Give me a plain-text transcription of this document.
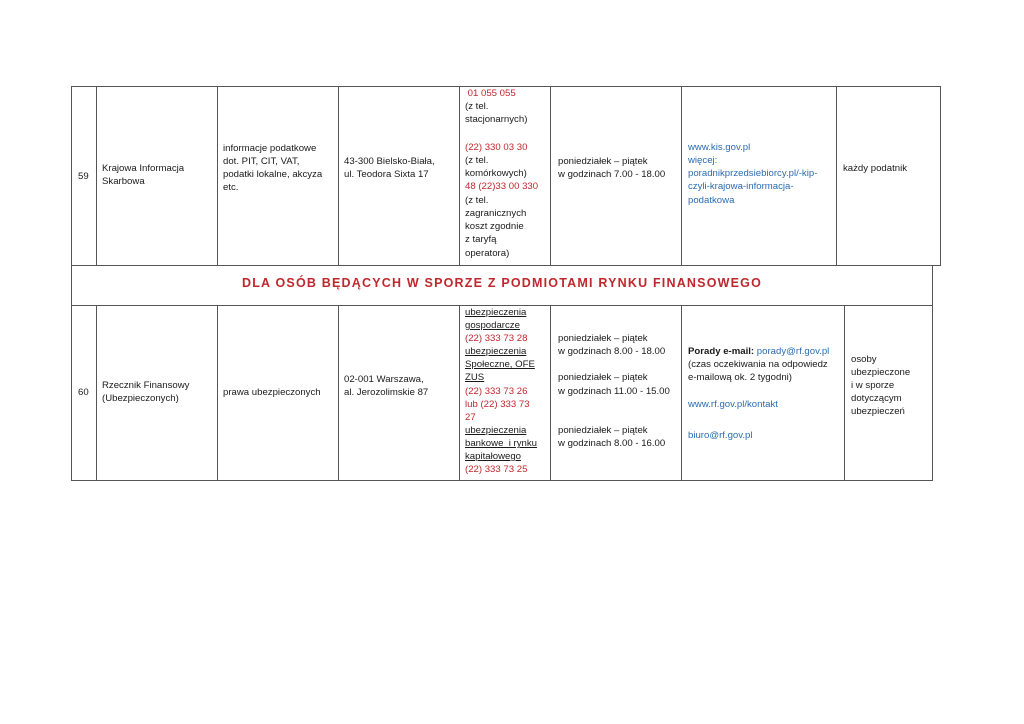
59
Krajowa Informacja
Skarbowa
informacje podatkowe
dot. PIT, CIT, VAT,
podatki lokalne, akcyza
etc.
43-300 Bielsko-Biała,
ul. Teodora Sixta 17
01 055 055
(z tel.
stacjonarnych)
(22) 330 03 30
(z tel.
komórkowych)
48 (22)33 00 330
(z tel.
zagranicznych
koszt zgodnie
z taryfą
operatora)
poniedziałek – piątek
w godzinach 7.00 - 18.00
www.kis.gov.pl
więcej:
poradnikprzedsiebiorcy.pl/-kip-
czyli-krajowa-informacja-
podatkowa
każdy podatnik
DLA OSÓB BĘDĄCYCH W SPORZE Z PODMIOTAMI RYNKU FINANSOWEGO
60
Rzecznik Finansowy
(Ubezpieczonych)
prawa ubezpieczonych
02-001 Warszawa,
al. Jerozolimskie 87
ubezpieczenia
gospodarcze
(22) 333 73 28
ubezpieczenia
Społeczne, OFE
ZUS
(22) 333 73 26
lub (22) 333 73
27
ubezpieczenia
bankowe  i rynku
kapitałowego
(22) 333 73 25
poniedziałek – piątek
w godzinach 8.00 - 18.00
poniedziałek – piątek
w godzinach 11.00 - 15.00
poniedziałek – piątek
w godzinach 8.00 - 16.00
Porady e-mail: porady@rf.gov.pl
(czas oczekiwania na odpowiedz
e-mailową ok. 2 tygodni)
www.rf.gov.pl/kontakt
biuro@rf.gov.pl
osoby
ubezpieczone
i w sporze
dotyczącym
ubezpieczeń
